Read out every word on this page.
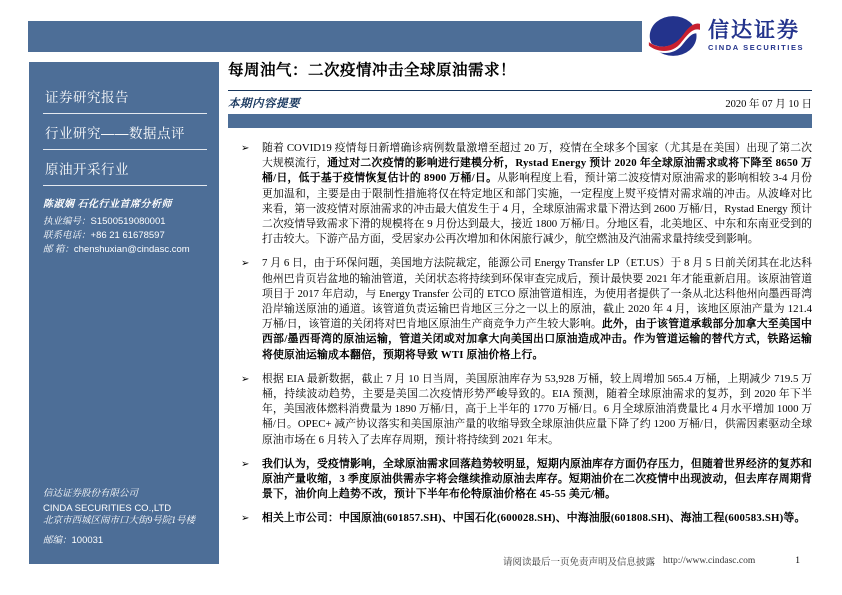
信达证券
CINDA SECURITIES
证券研究报告
行业研究——数据点评
原油开采行业
陈淑娴 石化行业首席分析师
执业编号：S1500519080001
联系电话：+86 21 61678597
邮 箱：chenshuxian@cindasc.com
信达证券股份有限公司
CINDA SECURITIES CO.,LTD
北京市西城区闹市口大街9号院1号楼
邮编：100031
每周油气：二次疫情冲击全球原油需求！
本期内容提要	2020 年 07 月 10 日
➢	随着 COVID19 疫情每日新增确诊病例数量激增至超过 20 万，疫情在全球多个国家（尤其是在美国）出现了第二次大规模流行，通过对二次疫情的影响进行建模分析，Rystad Energy 预计 2020 年全球原油需求或将下降至 8650 万桶/日，低于基于疫情恢复估计的 8900 万桶/日。从影响程度上看，预计第二波疫情对原油需求的影响相较 3-4 月份更加温和，主要是由于限制性措施将仅在特定地区和部门实施，一定程度上熨平疫情对需求端的冲击。从波峰对比来看，第一波疫情对原油需求的冲击最大值发生于 4 月，全球原油需求量下滑达到 2600 万桶/日，Rystad Energy 预计二次疫情导致需求下滑的规模将在 9 月份达到最大，接近 1800 万桶/日。分地区看，北美地区、中东和东南亚受到的打击较大。下游产品方面，受居家办公再次增加和休闲旅行减少，航空燃油及汽油需求量持续受到影响。
➢	7 月 6 日，由于环保问题，美国地方法院裁定，能源公司 Energy Transfer LP（ET.US）于 8 月 5 日前关闭其在北达科他州巴肯页岩盆地的输油管道，关闭状态将持续到环保审查完成后，预计最快要 2021 年才能重新启用。该原油管道项目于 2017 年启动，与 Energy Transfer 公司的 ETCO 原油管道相连，为使用者提供了一条从北达科他州向墨西哥湾沿岸输送原油的通道。该管道负责运输巴肯地区三分之一以上的原油，截止 2020 年 4 月，该地区原油产量为 121.4 万桶/日，该管道的关闭将对巴肯地区原油生产商竞争力产生较大影响。此外，由于该管道承载部分加拿大至美国中西部/墨西哥湾的原油运输，管道关闭或对加拿大向美国出口原油造成冲击。作为管道运输的替代方式，铁路运输将使原油运输成本翻倍，预期将导致 WTI 原油价格上行。
➢	根据 EIA 最新数据，截止 7 月 10 日当周，美国原油库存为 53,928 万桶，较上周增加 565.4 万桶，上期减少 719.5 万桶，持续波动趋势，主要是美国二次疫情形势严峻导致的。EIA 预测，随着全球原油需求的复苏，到 2020 年下半年，美国液体燃料消费量为 1890 万桶/日，高于上半年的 1770 万桶/日。6 月全球原油消费量比 4 月水平增加 1000 万桶/日。OPEC+ 减产协议落实和美国原油产量的收缩导致全球原油供应量下降了约 1200 万桶/日，供需因素驱动全球原油市场在 6 月转入了去库存周期，预计将持续到 2021 年末。
➢	我们认为，受疫情影响，全球原油需求回落趋势较明显，短期内原油库存方面仍存压力，但随着世界经济的复苏和原油产量收缩，3 季度原油供需赤字将会继续推动原油去库存。短期油价在二次疫情中出现波动，但去库存周期背景下，油价向上趋势不改，预计下半年布伦特原油价格在 45-55 美元/桶。
➢	相关上市公司：中国原油(601857.SH)、中国石化(600028.SH)、中海油服(601808.SH)、海油工程(600583.SH)等。
请阅读最后一页免责声明及信息披露 http://www.cindasc.com	1
